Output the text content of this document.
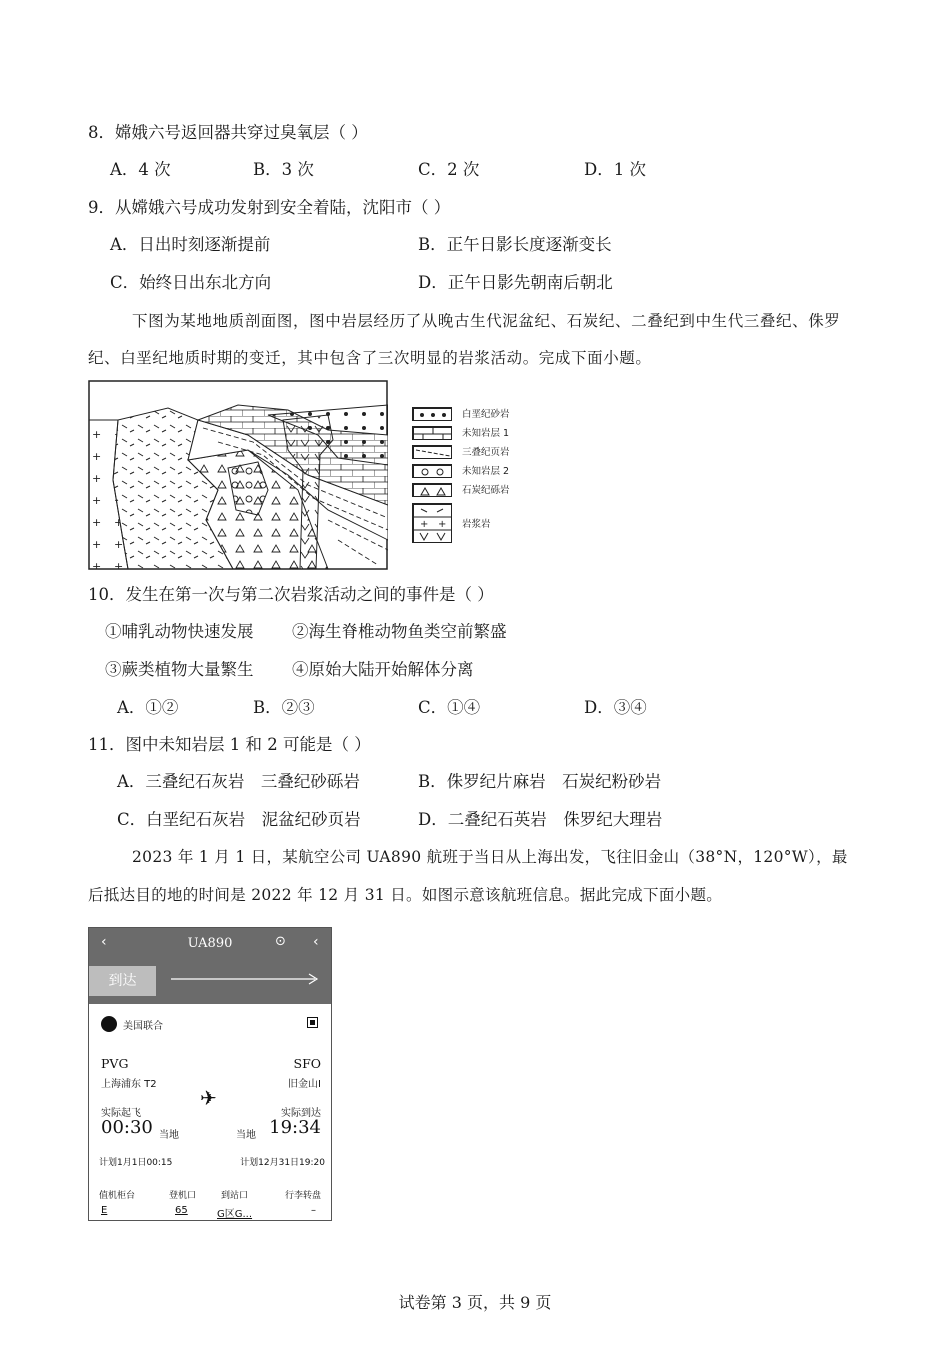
8．嫦娥六号返回器共穿过臭氧层（ ）
A．4 次	B．3 次	C．2 次	D．1 次
9．从嫦娥六号成功发射到安全着陆，沈阳市（ ）
A．日出时刻逐渐提前	B．正午日影长度逐渐变长
C．始终日出东北方向	D．正午日影先朝南后朝北
下图为某地地质剖面图，图中岩层经历了从晚古生代泥盆纪、石炭纪、二叠纪到中生代三叠纪、侏罗
纪、白垩纪地质时期的变迁，其中包含了三次明显的岩浆活动。完成下面小题。
白垩纪砂岩
未知岩层 1
三叠纪页岩
未知岩层 2
石炭纪砾岩
+ + 岩浆岩
10．发生在第一次与第二次岩浆活动之间的事件是（ ）
①哺乳动物快速发展 ②海生脊椎动物鱼类空前繁盛
③蕨类植物大量繁生 ④原始大陆开始解体分离
A．①②	B．②③	C．①④	D．③④
11．图中未知岩层 1 和 2 可能是（ ）
A．三叠纪石灰岩　三叠纪砂砾岩	B．侏罗纪片麻岩　石炭纪粉砂岩
C．白垩纪石灰岩　泥盆纪砂页岩	D．二叠纪石英岩　侏罗纪大理岩
2023 年 1 月 1 日，某航空公司 UA890 航班于当日从上海出发，飞往旧金山（38°N，120°W），最
后抵达目的地的时间是 2022 年 12 月 31 日。如图示意该航班信息。据此完成下面小题。
‹	UA890	⊙ ‹
到达
美国联合
PVG	SFO
上海浦东 T2	旧金山I
✈
实际起飞	实际到达
00:30 当地	当地 19:34
计划1月1日00:15	计划12月31日19:20
值机柜台	登机口	到站口	行李转盘
E	65	G区G...	–
试卷第 3 页，共 9 页
